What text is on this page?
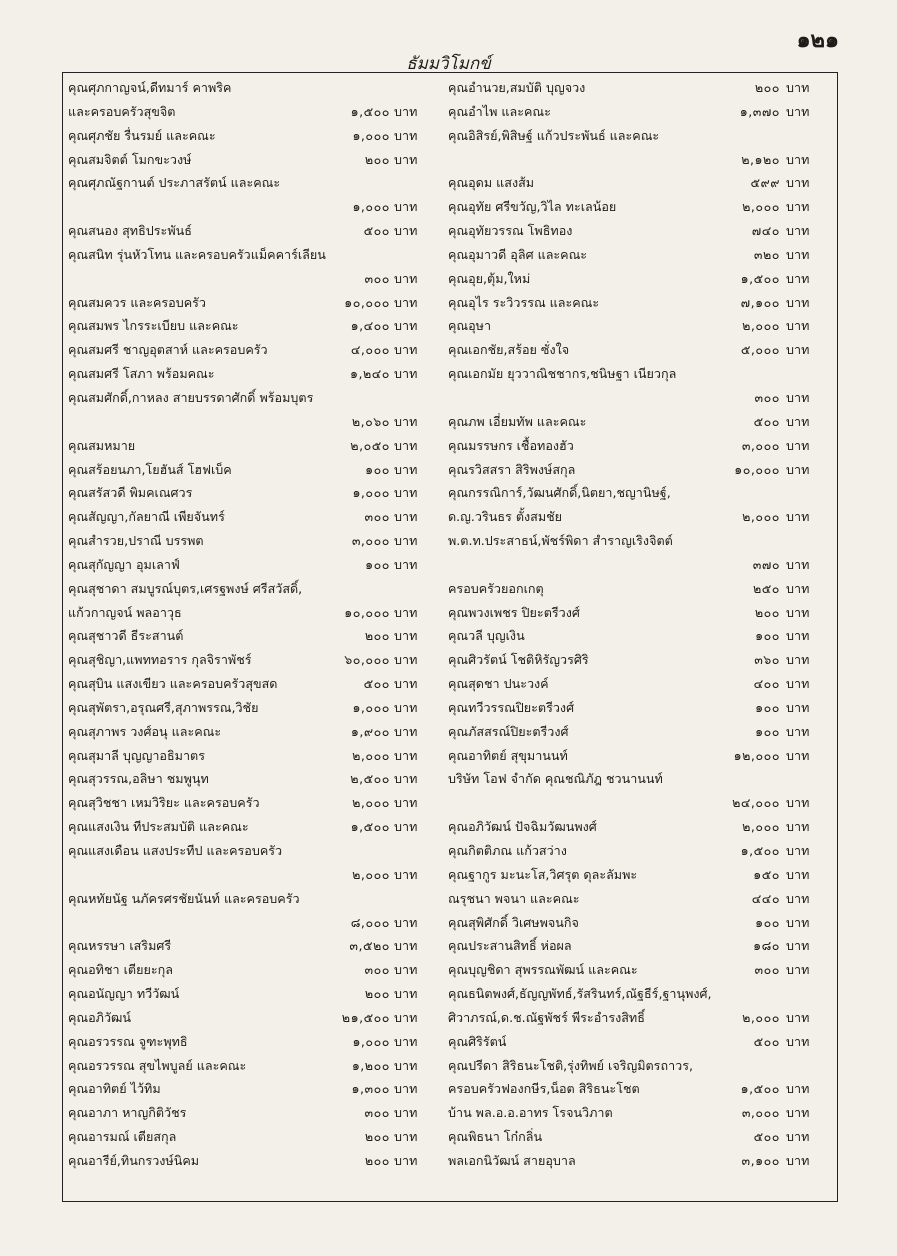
๑๒๑
ธัมมวิโมกข์
คุณศุภกาญจน์,ดีทมาร์ คาพริค
และครอบครัวสุขจิต	๑,๕๐๐ บาท
คุณศุภชัย รื่นรมย์ และคณะ	๑,๐๐๐ บาท
คุณสมจิตต์ โมกขะวงษ์	๒๐๐ บาท
คุณศุภณัฐกานต์ ประภาสรัตน์ และคณะ
๑,๐๐๐ บาท
คุณสนอง สุทธิประพันธ์	๕๐๐ บาท
คุณสนิท รุ่นหัวโทน และครอบครัวแม็คคาร์เลียน
๓๐๐ บาท
คุณสมควร และครอบครัว	๑๐,๐๐๐ บาท
คุณสมพร ไกรระเบียบ และคณะ	๑,๔๐๐ บาท
คุณสมศรี ชาญอุตสาห์ และครอบครัว	๔,๐๐๐ บาท
คุณสมศรี โสภา พร้อมคณะ	๑,๒๔๐ บาท
คุณสมศักดิ์,กาหลง สายบรรดาศักดิ์ พร้อมบุตร
๒,๐๖๐ บาท
คุณสมหมาย	๒,๐๕๐ บาท
คุณสร้อยนภา,โยฮันส์ โฮฟเบ็ค	๑๐๐ บาท
คุณสรัสวดี พิมคเณศวร	๑,๐๐๐ บาท
คุณสัญญา,กัลยาณี เพียจันทร์	๓๐๐ บาท
คุณสำรวย,ปราณี บรรพต	๓,๐๐๐ บาท
คุณสุกัญญา อุมเลาฟ์	๑๐๐ บาท
คุณสุชาดา สมบูรณ์บุตร,เศรฐพงษ์ ศรีสวัสดิ์,
แก้วกาญจน์ พลอาวุธ	๑๐,๐๐๐ บาท
คุณสุชาวดี ธีระสานต์	๒๐๐ บาท
คุณสุชิญา,แพททอราร กุลจิราพัชร์	๖๐,๐๐๐ บาท
คุณสุบิน แสงเขียว และครอบครัวสุขสด	๕๐๐ บาท
คุณสุพัตรา,อรุณศรี,สุภาพรรณ,วิชัย	๑,๐๐๐ บาท
คุณสุภาพร วงศ์อนุ และคณะ	๑,๙๐๐ บาท
คุณสุมาลี บุญญาอธิมาตร	๒,๐๐๐ บาท
คุณสุวรรณ,อลิษา ชมพูนุท	๒,๕๐๐ บาท
คุณสุวิชชา เหมวิริยะ และครอบครัว	๒,๐๐๐ บาท
คุณแสงเงิน ทีประสมบัติ และคณะ	๑,๕๐๐ บาท
คุณแสงเดือน แสงประทีป และครอบครัว
๒,๐๐๐ บาท
คุณหทัยนัฐ นภัครศรชัยนันท์ และครอบครัว
๘,๐๐๐ บาท
คุณหรรษา เสริมศรี	๓,๕๒๐ บาท
คุณอทิชา เตียยะกุล	๓๐๐ บาท
คุณอนัญญา ทวีวัฒน์	๒๐๐ บาท
คุณอภิวัฒน์	๒๑,๕๐๐ บาท
คุณอรวรรณ จูฑะพุทธิ	๑,๐๐๐ บาท
คุณอรวรรณ สุขไพบูลย์ และคณะ	๑,๒๐๐ บาท
คุณอาทิตย์ ไว้ทิม	๑,๓๐๐ บาท
คุณอาภา หาญกิติวัชร	๓๐๐ บาท
คุณอารมณ์ เตียสกุล	๒๐๐ บาท
คุณอารีย์,ทินกรวงษ์นิคม	๒๐๐ บาท
คุณอำนวย,สมบัติ บุญจวง	๒๐๐ บาท
คุณอำไพ และคณะ	๑,๓๗๐ บาท
คุณอิสิรย์,พิสิษฐ์ แก้วประพันธ์ และคณะ
๒,๑๒๐ บาท
คุณอุดม แสงส้ม	๕๙๙ บาท
คุณอุทัย ศรีขวัญ,วิไล ทะเลน้อย	๒,๐๐๐ บาท
คุณอุทัยวรรณ โพธิทอง	๗๔๐ บาท
คุณอุมาวดี อุลิศ และคณะ	๓๒๐ บาท
คุณอุย,ตุ้ม,ใหม่	๑,๕๐๐ บาท
คุณอุไร ระวิวรรณ และคณะ	๗,๑๐๐ บาท
คุณอุษา	๒,๐๐๐ บาท
คุณเอกชัย,สร้อย ซั่งใจ	๕,๐๐๐ บาท
คุณเอกมัย ยุววาณิชชากร,ชนิษฐา เนียวกุล
๓๐๐ บาท
คุณภพ เอี่ยมทัพ และคณะ	๕๐๐ บาท
คุณมรรษกร เชื้อทองฮัว	๓,๐๐๐ บาท
คุณรวิสสรา สิริพงษ์สกุล	๑๐,๐๐๐ บาท
คุณกรรณิการ์,วัฒนศักดิ์,นิตยา,ชญานิษฐ์,
ด.ญ.วรินธร ตั้งสมชัย	๒,๐๐๐ บาท
พ.ต.ท.ประสาธน์,พัชร์พิดา สำราญเริงจิตต์
๓๗๐ บาท
ครอบครัวยอกเกตุ	๒๕๐ บาท
คุณพวงเพชร ปิยะตรีวงศ์	๒๐๐ บาท
คุณวลี บุญเงิน	๑๐๐ บาท
คุณศิวรัตน์ โชติหิรัญวรศิริ	๓๖๐ บาท
คุณสุดชา ปนะวงค์	๔๐๐ บาท
คุณทวีวรรณปิยะตรีวงศ์	๑๐๐ บาท
คุณภัสสรณ์ปิยะตรีวงศ์	๑๐๐ บาท
คุณอาทิตย์ สุขุมานนท์	๑๒,๐๐๐ บาท
บริษัท โอฟ จำกัด คุณชณิภัฎ ชวนานนท์
๒๔,๐๐๐ บาท
คุณอภิวัฒน์ ปัจฉิมวัฒนพงศ์	๒,๐๐๐ บาท
คุณกิตติภณ แก้วสว่าง	๑,๕๐๐ บาท
คุณฐากูร มะนะโส,วิศรุต ดุละลัมพะ	๑๕๐ บาท
ณรุชนา พจนา และคณะ	๔๔๐ บาท
คุณสุพิศักดิ์ วิเศษพจนกิจ	๑๐๐ บาท
คุณประสานสิทธิ์ ห่อผล	๑๘๐ บาท
คุณบุญชิดา สุพรรณพัฒน์ และคณะ	๓๐๐ บาท
คุณธนิตพงศ์,ธัญญพัทธ์,รัสรินทร์,ณัฐธีร์,ฐานุพงศ์,
ศิวาภรณ์,ด.ช.ณัฐพัชร์ พีระอำรงสิทธิ์	๒,๐๐๐ บาท
คุณศิริรัตน์	๕๐๐ บาท
คุณปรีดา สิริธนะโชติ,รุ่งทิพย์ เจริญมิตรถาวร,
ครอบครัวฟองกษีร,น็อต สิริธนะโชต	๑,๕๐๐ บาท
บ้าน พล.อ.อ.อาทร โรจนวิภาต	๓,๐๐๐ บาท
คุณพิธนา โก๋กลิ่น	๕๐๐ บาท
พลเอกนิวัฒน์ สายอุบาล	๓,๑๐๐ บาท
